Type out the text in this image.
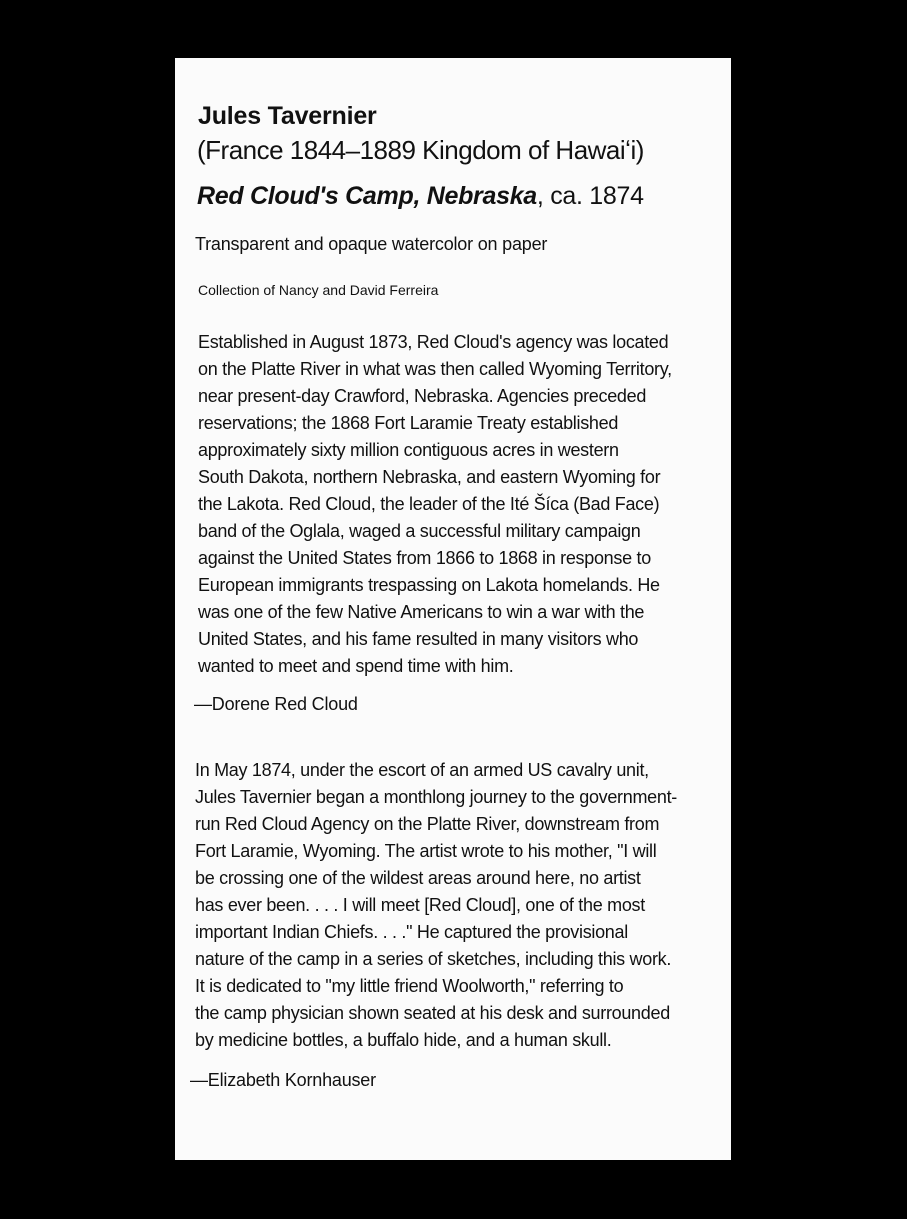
Jules Tavernier
(France 1844–1889 Kingdom of Hawaiʻi)
Red Cloud's Camp, Nebraska, ca. 1874
Transparent and opaque watercolor on paper
Collection of Nancy and David Ferreira
Established in August 1873, Red Cloud's agency was located
on the Platte River in what was then called Wyoming Territory,
near present-day Crawford, Nebraska. Agencies preceded
reservations; the 1868 Fort Laramie Treaty established
approximately sixty million contiguous acres in western
South Dakota, northern Nebraska, and eastern Wyoming for
the Lakota. Red Cloud, the leader of the Ité Šíca (Bad Face)
band of the Oglala, waged a successful military campaign
against the United States from 1866 to 1868 in response to
European immigrants trespassing on Lakota homelands. He
was one of the few Native Americans to win a war with the
United States, and his fame resulted in many visitors who
wanted to meet and spend time with him.
—Dorene Red Cloud
In May 1874, under the escort of an armed US cavalry unit,
Jules Tavernier began a monthlong journey to the government-
run Red Cloud Agency on the Platte River, downstream from
Fort Laramie, Wyoming. The artist wrote to his mother, "I will
be crossing one of the wildest areas around here, no artist
has ever been. . . . I will meet [Red Cloud], one of the most
important Indian Chiefs. . . ." He captured the provisional
nature of the camp in a series of sketches, including this work.
It is dedicated to "my little friend Woolworth," referring to
the camp physician shown seated at his desk and surrounded
by medicine bottles, a buffalo hide, and a human skull.
—Elizabeth Kornhauser
